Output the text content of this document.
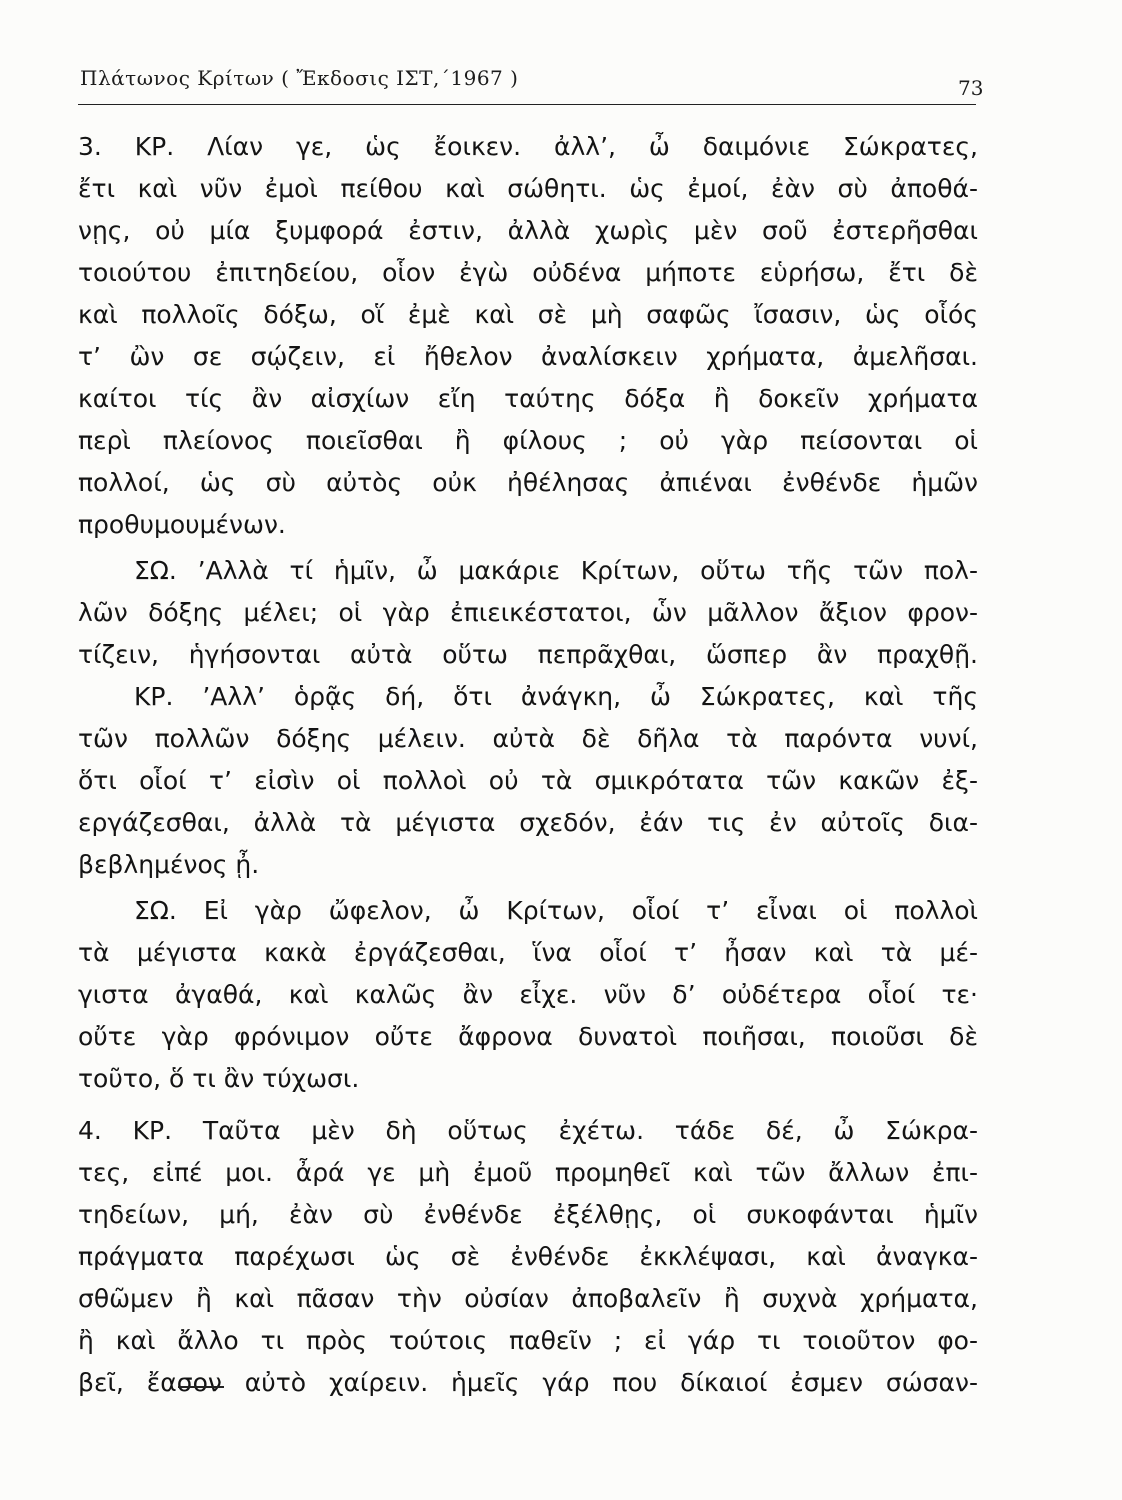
Πλάτωνος Κρίτων ( Ἔκδοσις ΙΣΤ,΄1967 )	73
3. ΚΡ. Λίαν γε, ὡς ἔοικεν. ἀλλ’, ὦ δαιμόνιε Σώκρατες,
ἔτι καὶ νῦν ἐμοὶ πείθου καὶ σώθητι. ὡς ἐμοί, ἐὰν σὺ ἀποθά-
νῃς, οὐ μία ξυμφορά ἐστιν, ἀλλὰ χωρὶς μὲν σοῦ ἐστερῆσθαι
τοιούτου ἐπιτηδείου, οἷον ἐγὼ οὐδένα μήποτε εὑρήσω, ἔτι δὲ
καὶ πολλοῖς δόξω, οἵ ἐμὲ καὶ σὲ μὴ σαφῶς ἴσασιν, ὡς οἷός
τ’ ὢν σε σῴζειν, εἰ ἤθελον ἀναλίσκειν χρήματα, ἀμελῆσαι.
καίτοι τίς ἂν αἰσχίων εἴη ταύτης δόξα ἢ δοκεῖν χρήματα
περὶ πλείονος ποιεῖσθαι ἢ φίλους ; οὐ γὰρ πείσονται οἱ
πολλοί, ὡς σὺ αὐτὸς οὐκ ἠθέλησας ἀπιέναι ἐνθένδε ἡμῶν
προθυμουμένων.
ΣΩ. ’Αλλὰ τί ἡμῖν, ὦ μακάριε Κρίτων, οὕτω τῆς τῶν πολ-
λῶν δόξης μέλει; οἱ γὰρ ἐπιεικέστατοι, ὧν μᾶλλον ἄξιον φρον-
τίζειν, ἡγήσονται αὐτὰ οὕτω πεπρᾶχθαι, ὥσπερ ἂν πραχθῇ.
ΚΡ. ’Αλλ’ ὁρᾷς δή, ὅτι ἀνάγκη, ὦ Σώκρατες, καὶ τῆς
τῶν πολλῶν δόξης μέλειν. αὐτὰ δὲ δῆλα τὰ παρόντα νυνί,
ὅτι οἷοί τ’ εἰσὶν οἱ πολλοὶ οὐ τὰ σμικρότατα τῶν κακῶν ἐξ-
εργάζεσθαι, ἀλλὰ τὰ μέγιστα σχεδόν, ἐάν τις ἐν αὐτοῖς δια-
βεβλημένος ᾖ.
ΣΩ. Εἰ γὰρ ὤφελον, ὦ Κρίτων, οἷοί τ’ εἶναι οἱ πολλοὶ
τὰ μέγιστα κακὰ ἐργάζεσθαι, ἵνα οἷοί τ’ ἦσαν καὶ τὰ μέ-
γιστα ἀγαθά, καὶ καλῶς ἂν εἶχε. νῦν δ’ οὐδέτερα οἷοί τε·
οὔτε γὰρ φρόνιμον οὔτε ἄφρονα δυνατοὶ ποιῆσαι, ποιοῦσι δὲ
τοῦτο, ὅ τι ἂν τύχωσι.
4. ΚΡ. Ταῦτα μὲν δὴ οὕτως ἐχέτω. τάδε δέ, ὦ Σώκρα-
τες, εἰπέ μοι. ἆρά γε μὴ ἐμοῦ προμηθεῖ καὶ τῶν ἄλλων ἐπι-
τηδείων, μή, ἐὰν σὺ ἐνθένδε ἐξέλθῃς, οἱ συκοφάνται ἡμῖν
πράγματα παρέχωσι ὡς σὲ ἐνθένδε ἐκκλέψασι, καὶ ἀναγκα-
σθῶμεν ἢ καὶ πᾶσαν τὴν οὐσίαν ἀποβαλεῖν ἢ συχνὰ χρήματα,
ἢ καὶ ἄλλο τι πρὸς τούτοις παθεῖν ; εἰ γάρ τι τοιοῦτον φο-
βεῖ, ἔασον αὐτὸ χαίρειν. ἡμεῖς γάρ που δίκαιοί ἐσμεν σώσαν-
